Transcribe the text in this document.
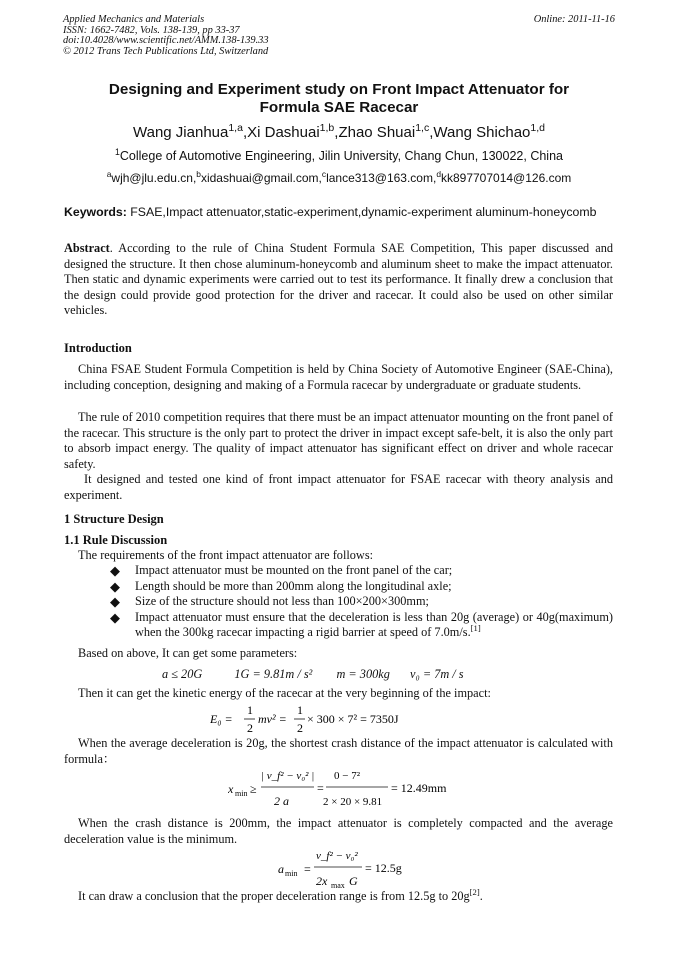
Applied Mechanics and Materials
ISSN: 1662-7482, Vols. 138-139, pp 33-37
doi:10.4028/www.scientific.net/AMM.138-139.33
© 2012 Trans Tech Publications Ltd, Switzerland
Online: 2011-11-16
Designing and Experiment study on Front Impact Attenuator for
Formula SAE Racecar
Wang Jianhua$^{1,a}$,Xi Dashuai$^{1,b}$,Zhao Shuai$^{1,c}$,Wang Shichao$^{1,d}$
$^1$College of Automotive Engineering, Jilin University, Chang Chun, 130022, China
$^a$wjh@jlu.edu.cn,$^b$xidashuai@gmail.com,$^c$lance313@163.com,$^d$kk897707014@126.com
Keywords: FSAE,Impact attenuator,static-experiment,dynamic-experiment aluminum-honeycomb
Abstract. According to the rule of China Student Formula SAE Competition, This paper discussed and designed the structure. It then chose aluminum-honeycomb and aluminum sheet to make the impact attenuator. Then static and dynamic experiments were carried out to test its performance. It finally drew a conclusion that the design could provide good protection for the driver and racecar. It could also be used on other similar vehicles.
Introduction
China FSAE Student Formula Competition is held by China Society of Automotive Engineer (SAE-China), including conception, designing and making of a Formula racecar by undergraduate or graduate students.
The rule of 2010 competition requires that there must be an impact attenuator mounting on the front panel of the racecar. This structure is the only part to protect the driver in impact except safe-belt, it is also the only part to absorb impact energy. The quality of impact attenuator has significant effect on driver and whole racecar safety.
It designed and tested one kind of front impact attenuator for FSAE racecar with theory analysis and experiment.
1 Structure Design
1.1 Rule Discussion
The requirements of the front impact attenuator are follows:
◆	Impact attenuator must be mounted on the front panel of the car;
◆	Length should be more than 200mm along the longitudinal axle;
◆	Size of the structure should not less than 100×200×300mm;
◆	Impact attenuator must ensure that the deceleration is less than 20g (average) or 40g(maximum) when the 300kg racecar impacting a rigid barrier at speed of 7.0m/s.[1]
Based on above, It can get some parameters:
a ≤ 20G	1G = 9.81m / s² m = 300kg v₀ = 7m / s
Then it can get the kinetic energy of the racecar at the very beginning of the impact:
E₀ =
1
2
mv² =
1
2
× 300 × 7² = 7350J
When the average deceleration is 20g, the shortest crash distance of the impact attenuator is calculated with formula：
x min ≥
| v_f² − v₀² |
2 a
=
0 − 7²
2 × 20 × 9.81
= 12.49mm
When the crash distance is 200mm, the impact attenuator is completely compacted and the average deceleration value is the minimum.
a min =
v_f² − v₀²
2x max G
= 12.5g
It can draw a conclusion that the proper deceleration range is from 12.5g to 20g[2].
